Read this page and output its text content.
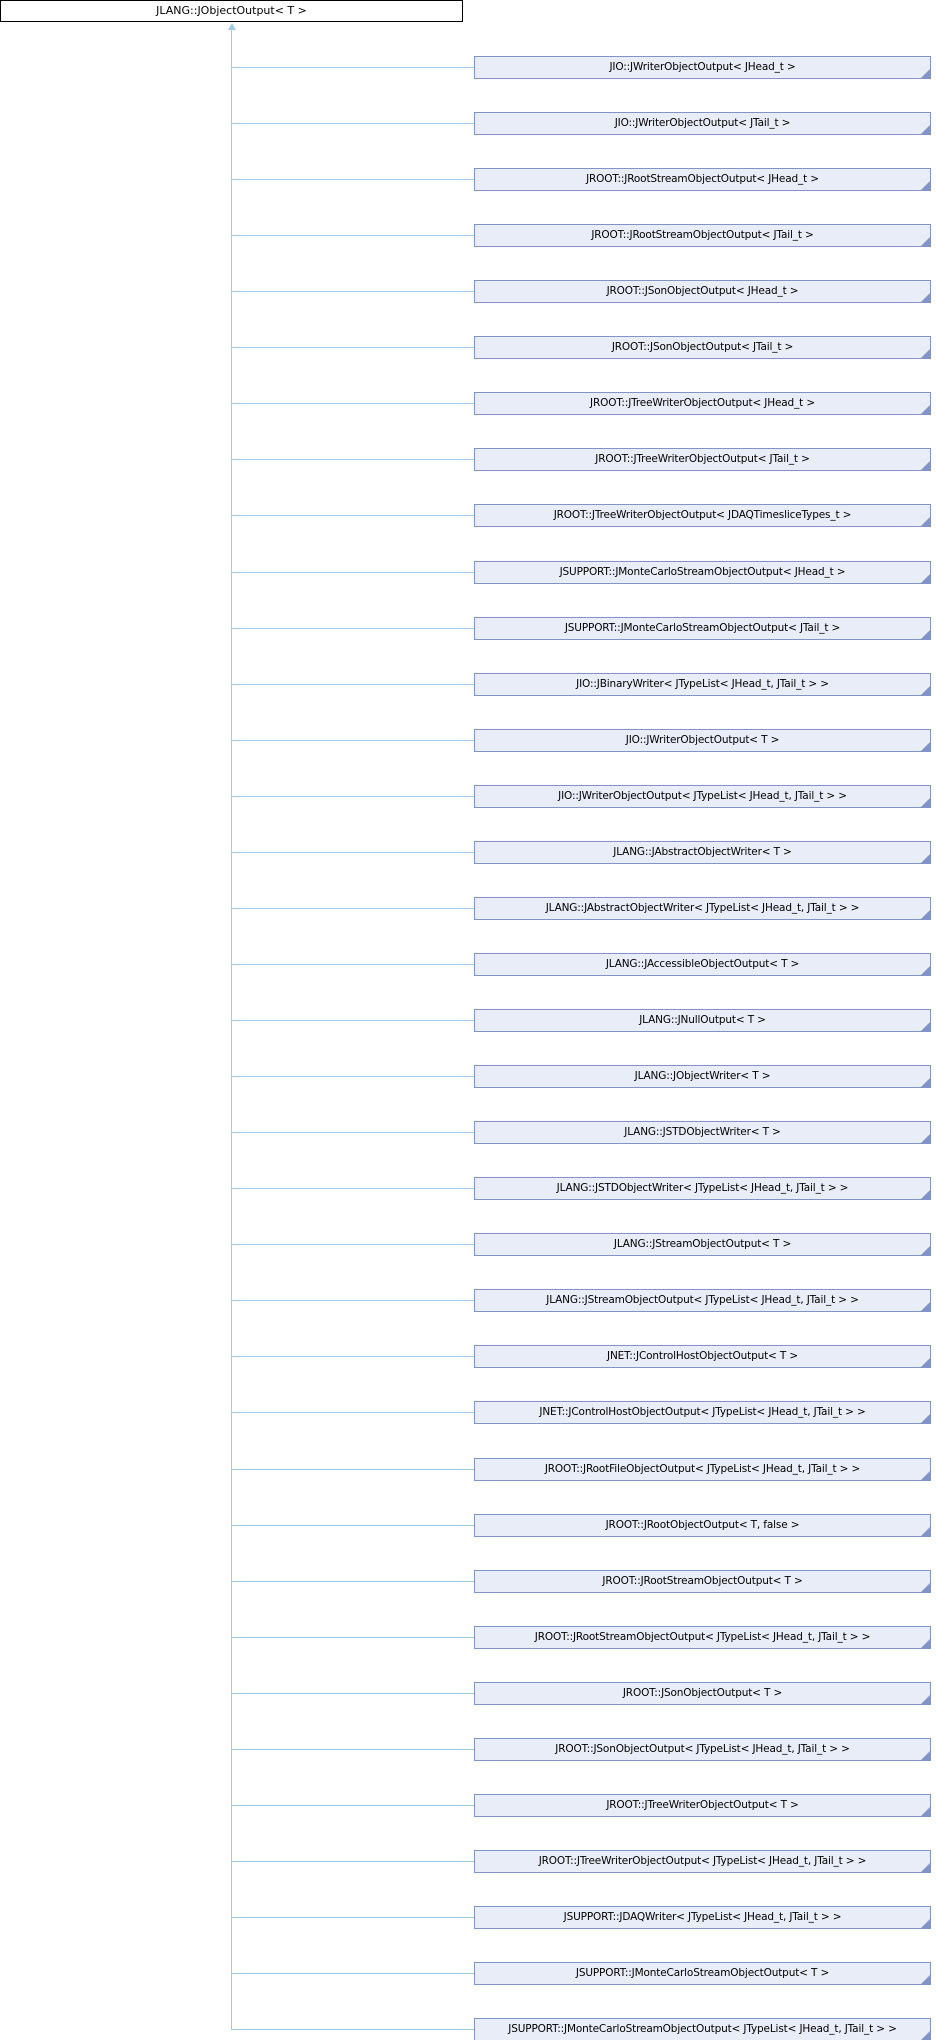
JLANG::JObjectOutput< T >
JIO::JWriterObjectOutput< JHead_t >
JIO::JWriterObjectOutput< JTail_t >
JROOT::JRootStreamObjectOutput< JHead_t >
JROOT::JRootStreamObjectOutput< JTail_t >
JROOT::JSonObjectOutput< JHead_t >
JROOT::JSonObjectOutput< JTail_t >
JROOT::JTreeWriterObjectOutput< JHead_t >
JROOT::JTreeWriterObjectOutput< JTail_t >
JROOT::JTreeWriterObjectOutput< JDAQTimesliceTypes_t >
JSUPPORT::JMonteCarloStreamObjectOutput< JHead_t >
JSUPPORT::JMonteCarloStreamObjectOutput< JTail_t >
JIO::JBinaryWriter< JTypeList< JHead_t, JTail_t > >
JIO::JWriterObjectOutput< T >
JIO::JWriterObjectOutput< JTypeList< JHead_t, JTail_t > >
JLANG::JAbstractObjectWriter< T >
JLANG::JAbstractObjectWriter< JTypeList< JHead_t, JTail_t > >
JLANG::JAccessibleObjectOutput< T >
JLANG::JNullOutput< T >
JLANG::JObjectWriter< T >
JLANG::JSTDObjectWriter< T >
JLANG::JSTDObjectWriter< JTypeList< JHead_t, JTail_t > >
JLANG::JStreamObjectOutput< T >
JLANG::JStreamObjectOutput< JTypeList< JHead_t, JTail_t > >
JNET::JControlHostObjectOutput< T >
JNET::JControlHostObjectOutput< JTypeList< JHead_t, JTail_t > >
JROOT::JRootFileObjectOutput< JTypeList< JHead_t, JTail_t > >
JROOT::JRootObjectOutput< T, false >
JROOT::JRootStreamObjectOutput< T >
JROOT::JRootStreamObjectOutput< JTypeList< JHead_t, JTail_t > >
JROOT::JSonObjectOutput< T >
JROOT::JSonObjectOutput< JTypeList< JHead_t, JTail_t > >
JROOT::JTreeWriterObjectOutput< T >
JROOT::JTreeWriterObjectOutput< JTypeList< JHead_t, JTail_t > >
JSUPPORT::JDAQWriter< JTypeList< JHead_t, JTail_t > >
JSUPPORT::JMonteCarloStreamObjectOutput< T >
JSUPPORT::JMonteCarloStreamObjectOutput< JTypeList< JHead_t, JTail_t > >
